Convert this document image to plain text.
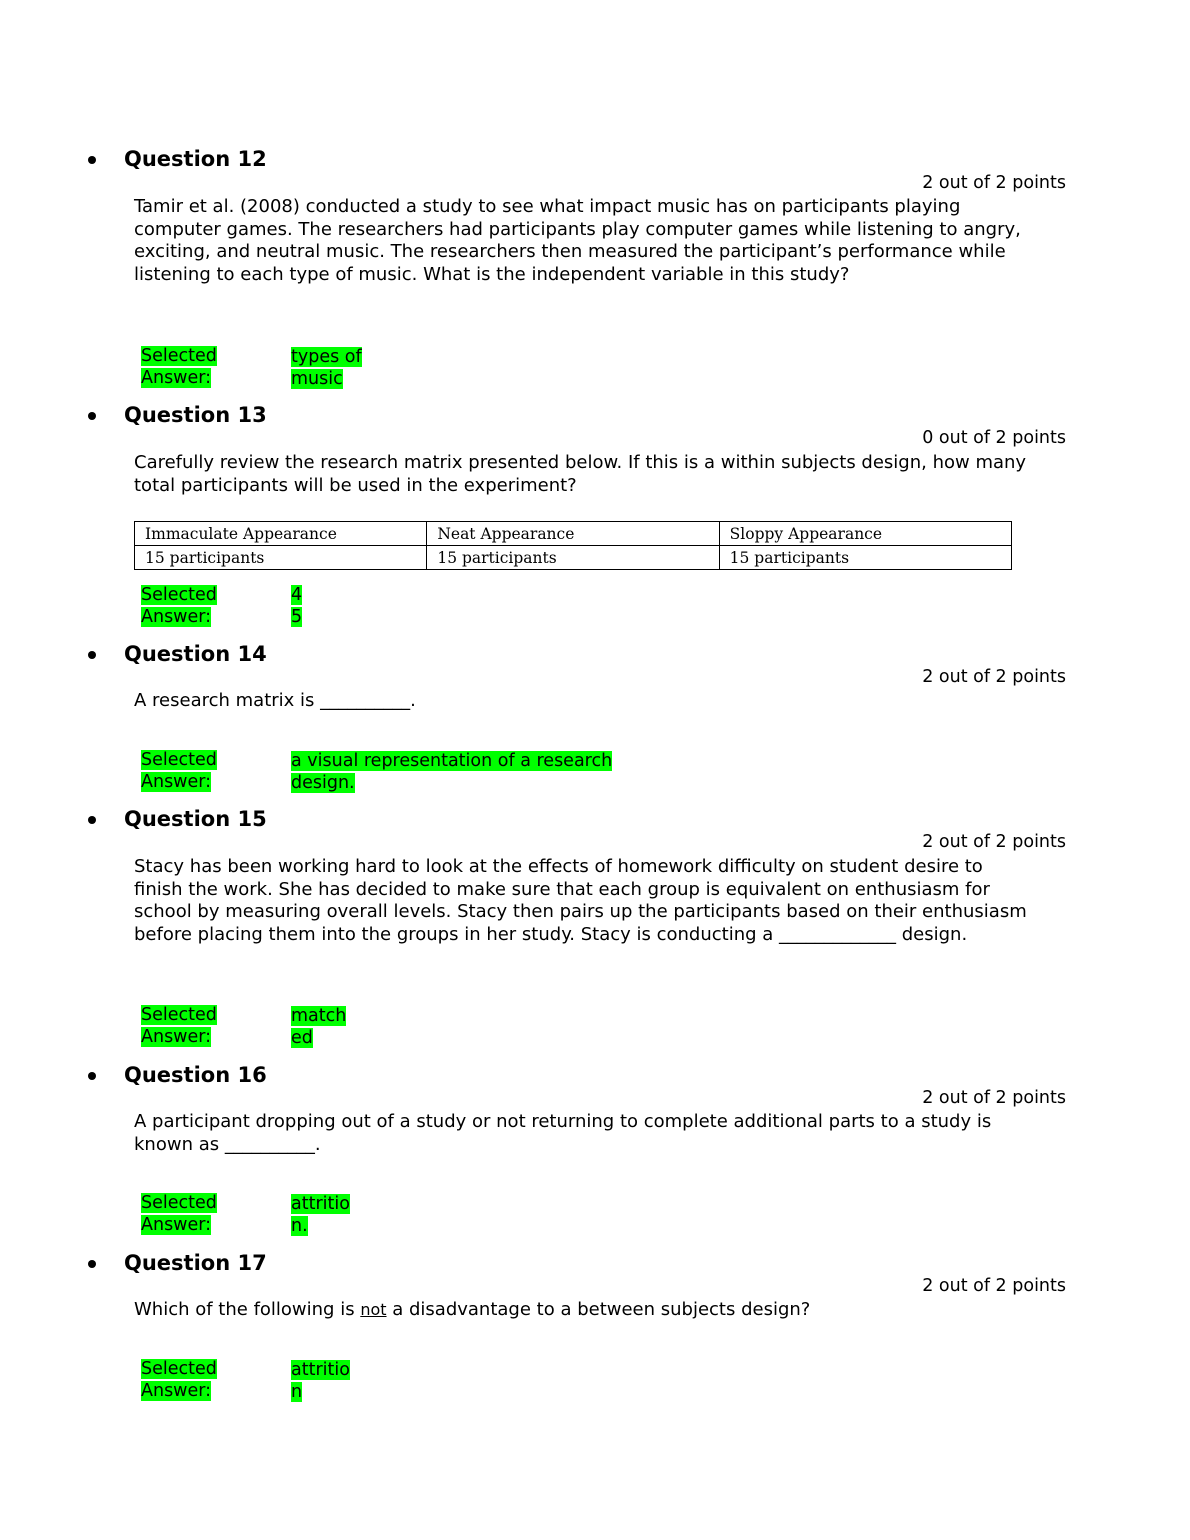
Question 12
2 out of 2 points
Tamir et al. (2008) conducted a study to see what impact music has on participants playing computer games. The researchers had participants play computer games while listening to angry, exciting, and neutral music. The researchers then measured the participant’s performance while listening to each type of music. What is the independent variable in this study?
Selected
Answer:
types of
music
Question 13
0 out of 2 points
Carefully review the research matrix presented below. If this is a within subjects design, how many total participants will be used in the experiment?
Immaculate Appearance	Neat Appearance	Sloppy Appearance
15 participants	15 participants	15 participants
Selected
Answer:
4
5
Question 14
2 out of 2 points
A research matrix is __________.
Selected
Answer:
a visual representation of a research
design.
Question 15
2 out of 2 points
Stacy has been working hard to look at the effects of homework difficulty on student desire to finish the work. She has decided to make sure that each group is equivalent on enthusiasm for school by measuring overall levels. Stacy then pairs up the participants based on their enthusiasm before placing them into the groups in her study. Stacy is conducting a _____________ design.
Selected
Answer:
match
ed
Question 16
2 out of 2 points
A participant dropping out of a study or not returning to complete additional parts to a study is known as __________.
Selected
Answer:
attritio
n.
Question 17
2 out of 2 points
Which of the following is not a disadvantage to a between subjects design?
Selected
Answer:
attritio
n
